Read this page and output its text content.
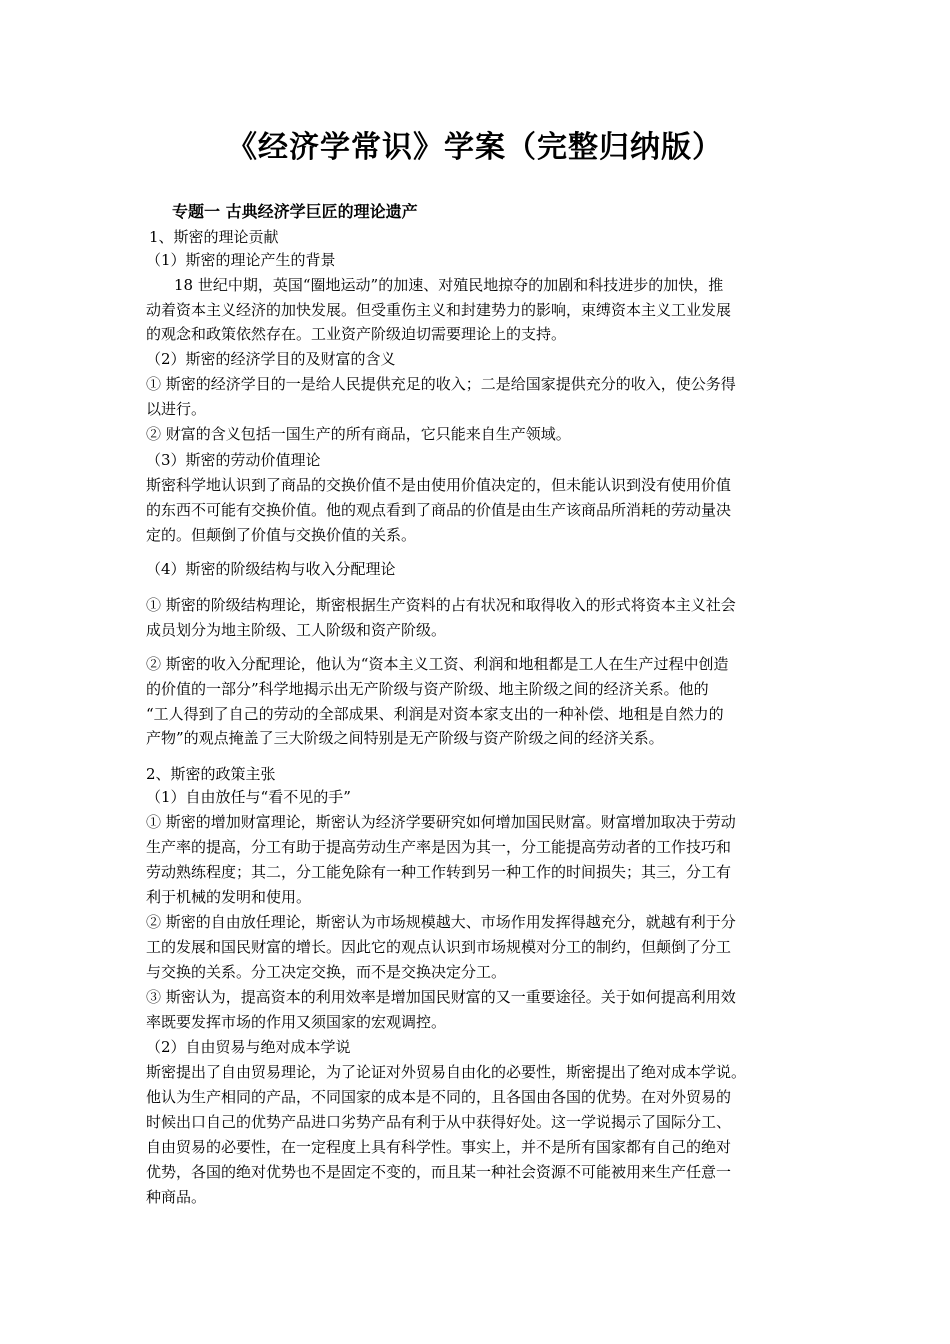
《经济学常识》学案（完整归纳版）
专题一 古典经济学巨匠的理论遗产
1、斯密的理论贡献
（1）斯密的理论产生的背景
18 世纪中期，英国“圈地运动”的加速、对殖民地掠夺的加剧和科技进步的加快，推
动着资本主义经济的加快发展。但受重伤主义和封建势力的影响，束缚资本主义工业发展
的观念和政策依然存在。工业资产阶级迫切需要理论上的支持。
（2）斯密的经济学目的及财富的含义
① 斯密的经济学目的一是给人民提供充足的收入；二是给国家提供充分的收入，使公务得
以进行。
② 财富的含义包括一国生产的所有商品，它只能来自生产领域。
（3）斯密的劳动价值理论
斯密科学地认识到了商品的交换价值不是由使用价值决定的，但未能认识到没有使用价值
的东西不可能有交换价值。他的观点看到了商品的价值是由生产该商品所消耗的劳动量决
定的。但颠倒了价值与交换价值的关系。
（4）斯密的阶级结构与收入分配理论
① 斯密的阶级结构理论，斯密根据生产资料的占有状况和取得收入的形式将资本主义社会
成员划分为地主阶级、工人阶级和资产阶级。
② 斯密的收入分配理论，他认为“资本主义工资、利润和地租都是工人在生产过程中创造
的价值的一部分”科学地揭示出无产阶级与资产阶级、地主阶级之间的经济关系。他的
“工人得到了自己的劳动的全部成果、利润是对资本家支出的一种补偿、地租是自然力的
产物”的观点掩盖了三大阶级之间特别是无产阶级与资产阶级之间的经济关系。
2、斯密的政策主张
（1）自由放任与“看不见的手”
① 斯密的增加财富理论，斯密认为经济学要研究如何增加国民财富。财富增加取决于劳动
生产率的提高，分工有助于提高劳动生产率是因为其一，分工能提高劳动者的工作技巧和
劳动熟练程度；其二，分工能免除有一种工作转到另一种工作的时间损失；其三，分工有
利于机械的发明和使用。
② 斯密的自由放任理论，斯密认为市场规模越大、市场作用发挥得越充分，就越有利于分
工的发展和国民财富的增长。因此它的观点认识到市场规模对分工的制约，但颠倒了分工
与交换的关系。分工决定交换，而不是交换决定分工。
③ 斯密认为，提高资本的利用效率是增加国民财富的又一重要途径。关于如何提高利用效
率既要发挥市场的作用又须国家的宏观调控。
（2）自由贸易与绝对成本学说
斯密提出了自由贸易理论，为了论证对外贸易自由化的必要性，斯密提出了绝对成本学说。
他认为生产相同的产品，不同国家的成本是不同的，且各国由各国的优势。在对外贸易的
时候出口自己的优势产品进口劣势产品有利于从中获得好处。这一学说揭示了国际分工、
自由贸易的必要性，在一定程度上具有科学性。事实上，并不是所有国家都有自己的绝对
优势，各国的绝对优势也不是固定不变的，而且某一种社会资源不可能被用来生产任意一
种商品。
